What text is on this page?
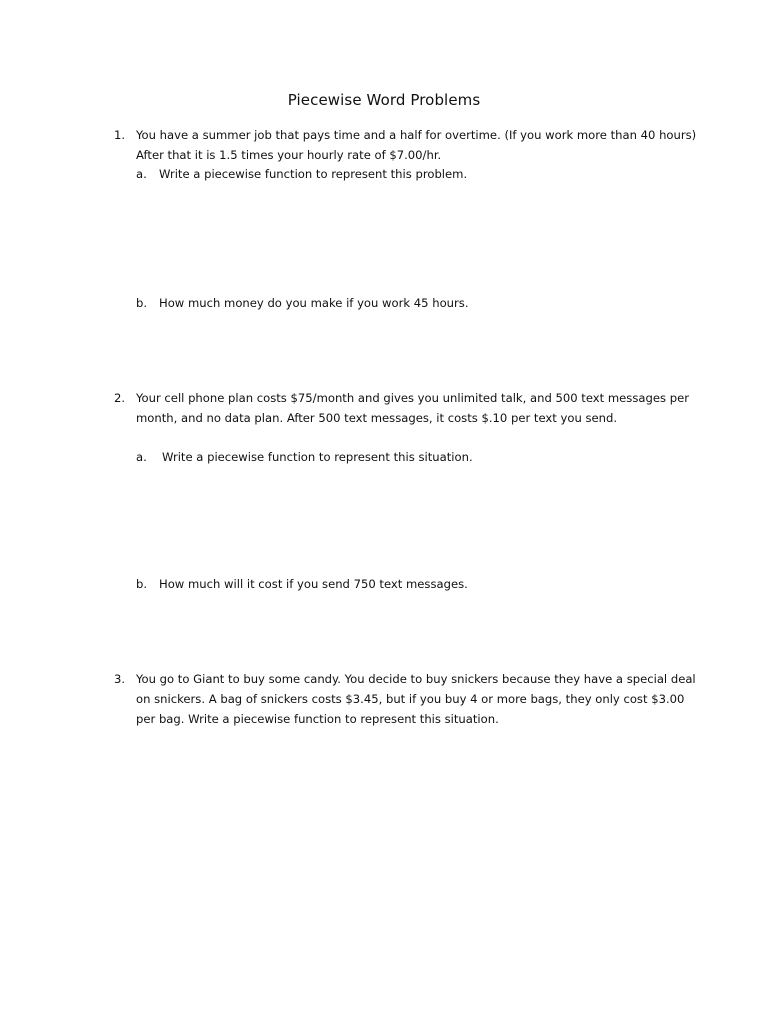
Piecewise Word Problems
1. You have a summer job that pays time and a half for overtime. (If you work more than 40 hours)
After that it is 1.5 times your hourly rate of $7.00/hr.
a. Write a piecewise function to represent this problem.
b. How much money do you make if you work 45 hours.
2. Your cell phone plan costs $75/month and gives you unlimited talk, and 500 text messages per
month, and no data plan. After 500 text messages, it costs $.10 per text you send.
a. Write a piecewise function to represent this situation.
b. How much will it cost if you send 750 text messages.
3. You go to Giant to buy some candy. You decide to buy snickers because they have a special deal
on snickers. A bag of snickers costs $3.45, but if you buy 4 or more bags, they only cost $3.00
per bag. Write a piecewise function to represent this situation.
